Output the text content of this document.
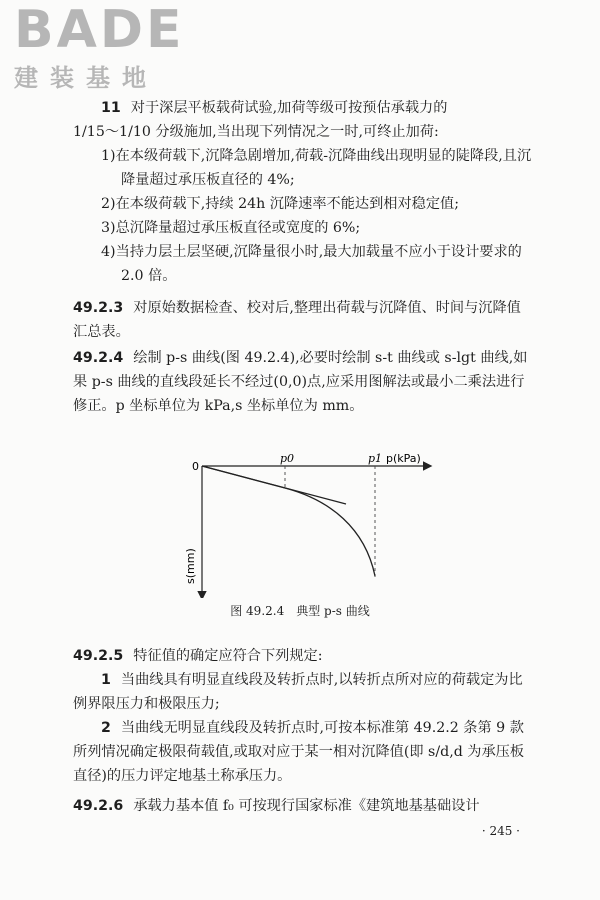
BADE
建装基地
11 对于深层平板载荷试验,加荷等级可按预估承载力的
1/15～1/10 分级施加,当出现下列情况之一时,可终止加荷:
1)在本级荷载下,沉降急剧增加,荷载-沉降曲线出现明显的陡降段,且沉降量超过承压板直径的 4%;
2)在本级荷载下,持续 24h 沉降速率不能达到相对稳定值;
3)总沉降量超过承压板直径或宽度的 6%;
4)当持力层土层坚硬,沉降量很小时,最大加载量不应小于设计要求的 2.0 倍。
49.2.3 对原始数据检查、校对后,整理出荷载与沉降值、时间与沉降值汇总表。
49.2.4 绘制 p-s 曲线(图 49.2.4),必要时绘制 s-t 曲线或 s-lgt 曲线,如果 p-s 曲线的直线段延长不经过(0,0)点,应采用图解法或最小二乘法进行修正。p 坐标单位为 kPa,s 坐标单位为 mm。
0
p0	p1 p(kPa)
s(mm)
图 49.2.4　典型 p-s 曲线
49.2.5 特征值的确定应符合下列规定:
1 当曲线具有明显直线段及转折点时,以转折点所对应的荷载定为比例界限压力和极限压力;
2 当曲线无明显直线段及转折点时,可按本标准第 49.2.2 条第 9 款所列情况确定极限荷载值,或取对应于某一相对沉降值(即 s/d,d 为承压板直径)的压力评定地基土称承压力。
49.2.6 承载力基本值 f₀ 可按现行国家标准《建筑地基基础设计
· 245 ·
